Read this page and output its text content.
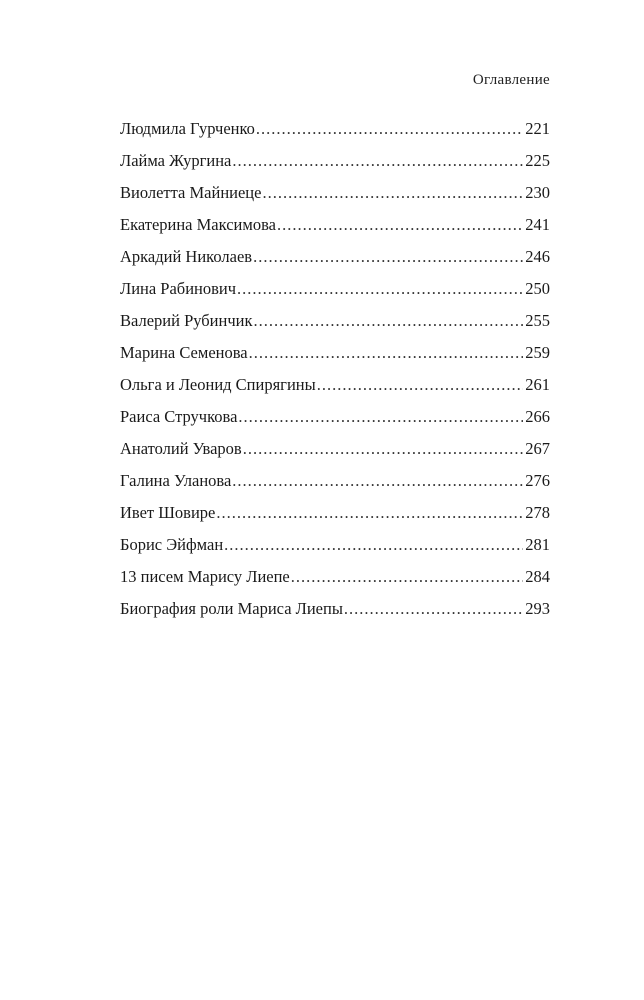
Оглавление
Людмила Гурченко .....	221
Лайма Жургина .....	225
Виолетта Майниеце .....	230
Екатерина Максимова .....	241
Аркадий Николаев .....	246
Лина Рабинович .....	250
Валерий Рубинчик .....	255
Марина Семенова .....	259
Ольга и Леонид Спирягины .....	261
Раиса Стручкова .....	266
Анатолий Уваров .....	267
Галина Уланова .....	276
Ивет Шовире .....	278
Борис Эйфман .....	281
13 писем Марису Лиепе .....	284
Биография роли Мариса Лиепы .....	293
